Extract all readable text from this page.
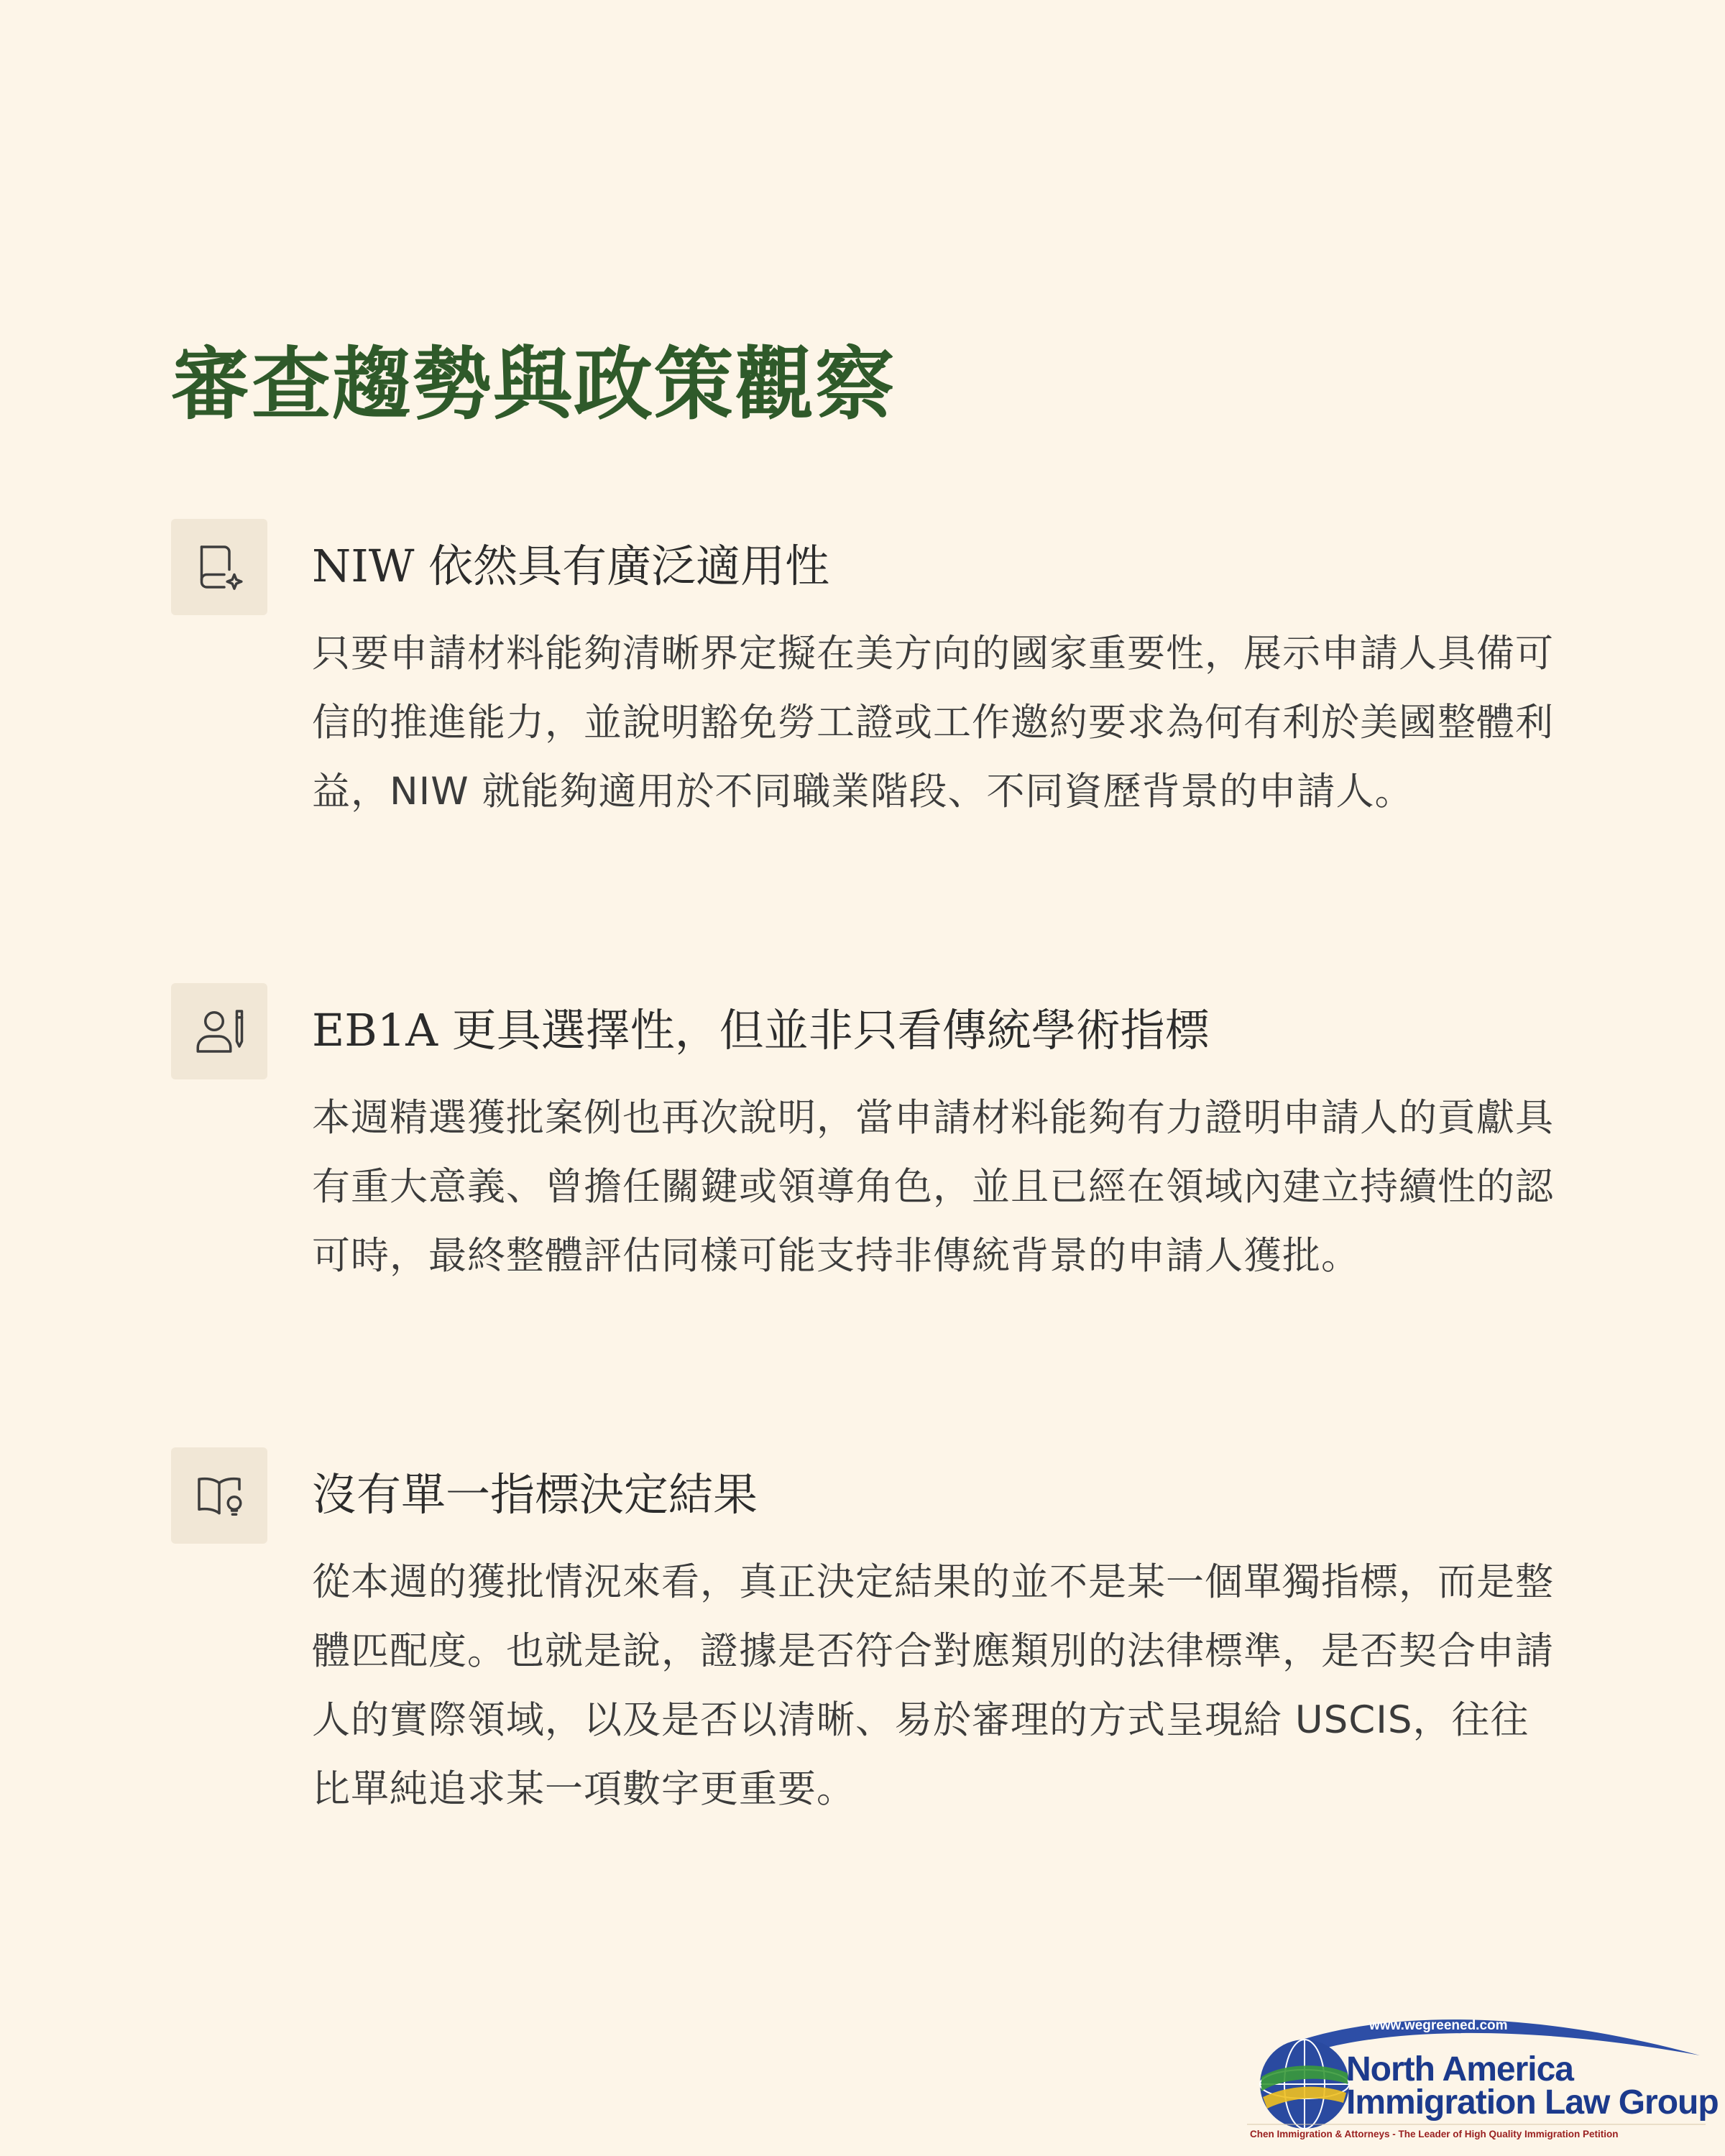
審查趨勢與政策觀察
NIW 依然具有廣泛適用性
只要申請材料能夠清晰界定擬在美方向的國家重要性，展示申請人具備可信的推進能力，並說明豁免勞工證或工作邀約要求為何有利於美國整體利益，NIW 就能夠適用於不同職業階段、不同資歷背景的申請人。
EB1A 更具選擇性，但並非只看傳統學術指標
本週精選獲批案例也再次說明，當申請材料能夠有力證明申請人的貢獻具有重大意義、曾擔任關鍵或領導角色，並且已經在領域內建立持續性的認可時，最終整體評估同樣可能支持非傳統背景的申請人獲批。
沒有單一指標決定結果
從本週的獲批情況來看，真正決定結果的並不是某一個單獨指標，而是整體匹配度。也就是說，證據是否符合對應類別的法律標準，是否契合申請人的實際領域，以及是否以清晰、易於審理的方式呈現給 USCIS，往往比單純追求某一項數字更重要。
www.wegreened.com
North America
Immigration Law Group
Chen Immigration & Attorneys - The Leader of High Quality Immigration Petition
